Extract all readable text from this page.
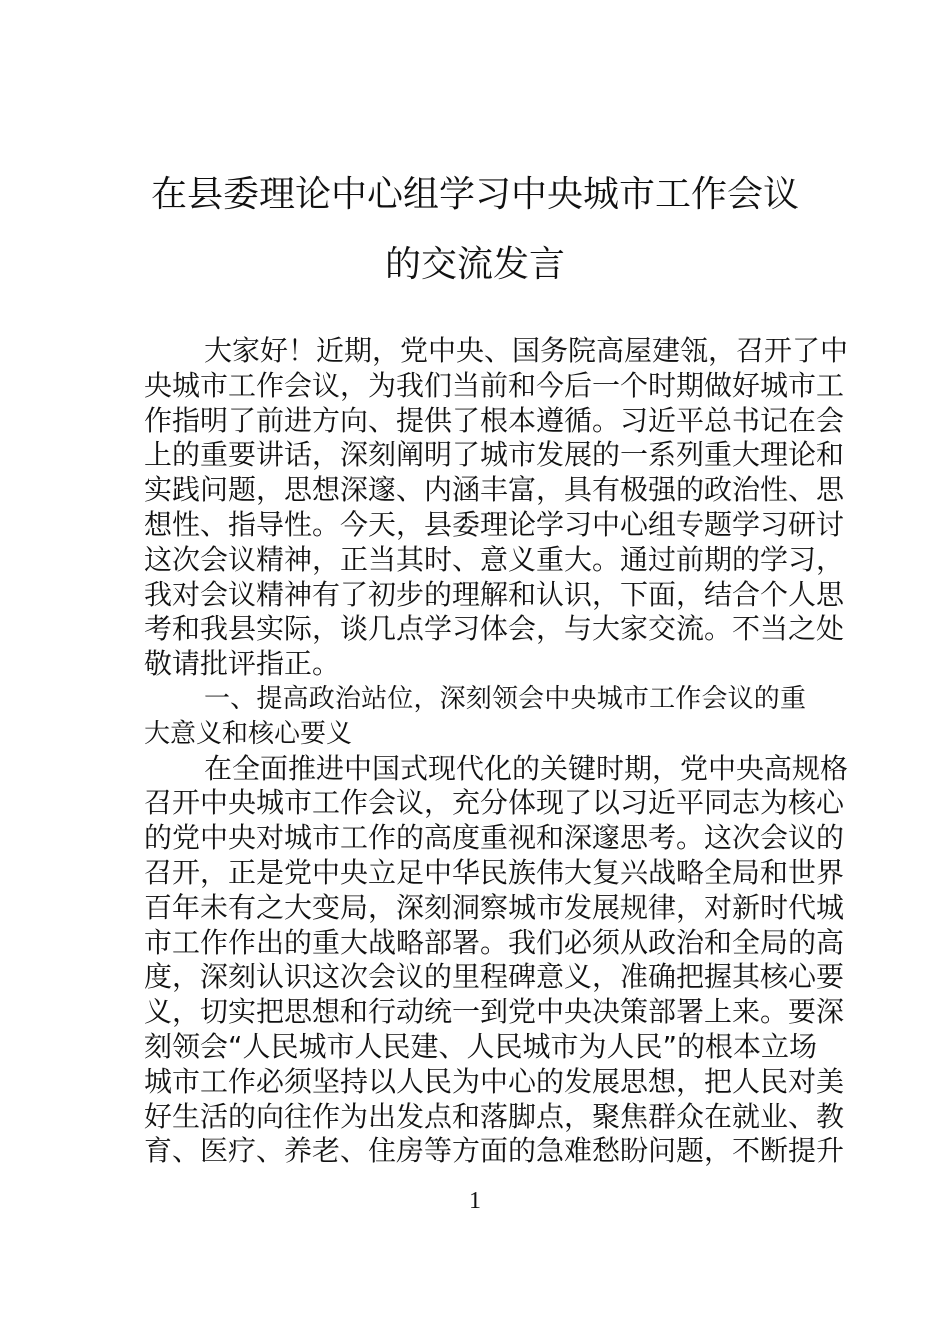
在县委理论中心组学习中央城市工作会议
的交流发言
大家好！近期，党中央、国务院高屋建瓴，召开了中
央城市工作会议，为我们当前和今后一个时期做好城市工
作指明了前进方向、提供了根本遵循。习近平总书记在会
上的重要讲话，深刻阐明了城市发展的一系列重大理论和
实践问题，思想深邃、内涵丰富，具有极强的政治性、思
想性、指导性。今天，县委理论学习中心组专题学习研讨
这次会议精神，正当其时、意义重大。通过前期的学习，
我对会议精神有了初步的理解和认识，下面，结合个人思
考和我县实际，谈几点学习体会，与大家交流。不当之处
敬请批评指正。
一、提高政治站位，深刻领会中央城市工作会议的重
大意义和核心要义
在全面推进中国式现代化的关键时期，党中央高规格
召开中央城市工作会议，充分体现了以习近平同志为核心
的党中央对城市工作的高度重视和深邃思考。这次会议的
召开，正是党中央立足中华民族伟大复兴战略全局和世界
百年未有之大变局，深刻洞察城市发展规律，对新时代城
市工作作出的重大战略部署。我们必须从政治和全局的高
度，深刻认识这次会议的里程碑意义，准确把握其核心要
义，切实把思想和行动统一到党中央决策部署上来。要深
刻领会“人民城市人民建、人民城市为人民”的根本立场
城市工作必须坚持以人民为中心的发展思想，把人民对美
好生活的向往作为出发点和落脚点，聚焦群众在就业、教
育、医疗、养老、住房等方面的急难愁盼问题，不断提升
1
